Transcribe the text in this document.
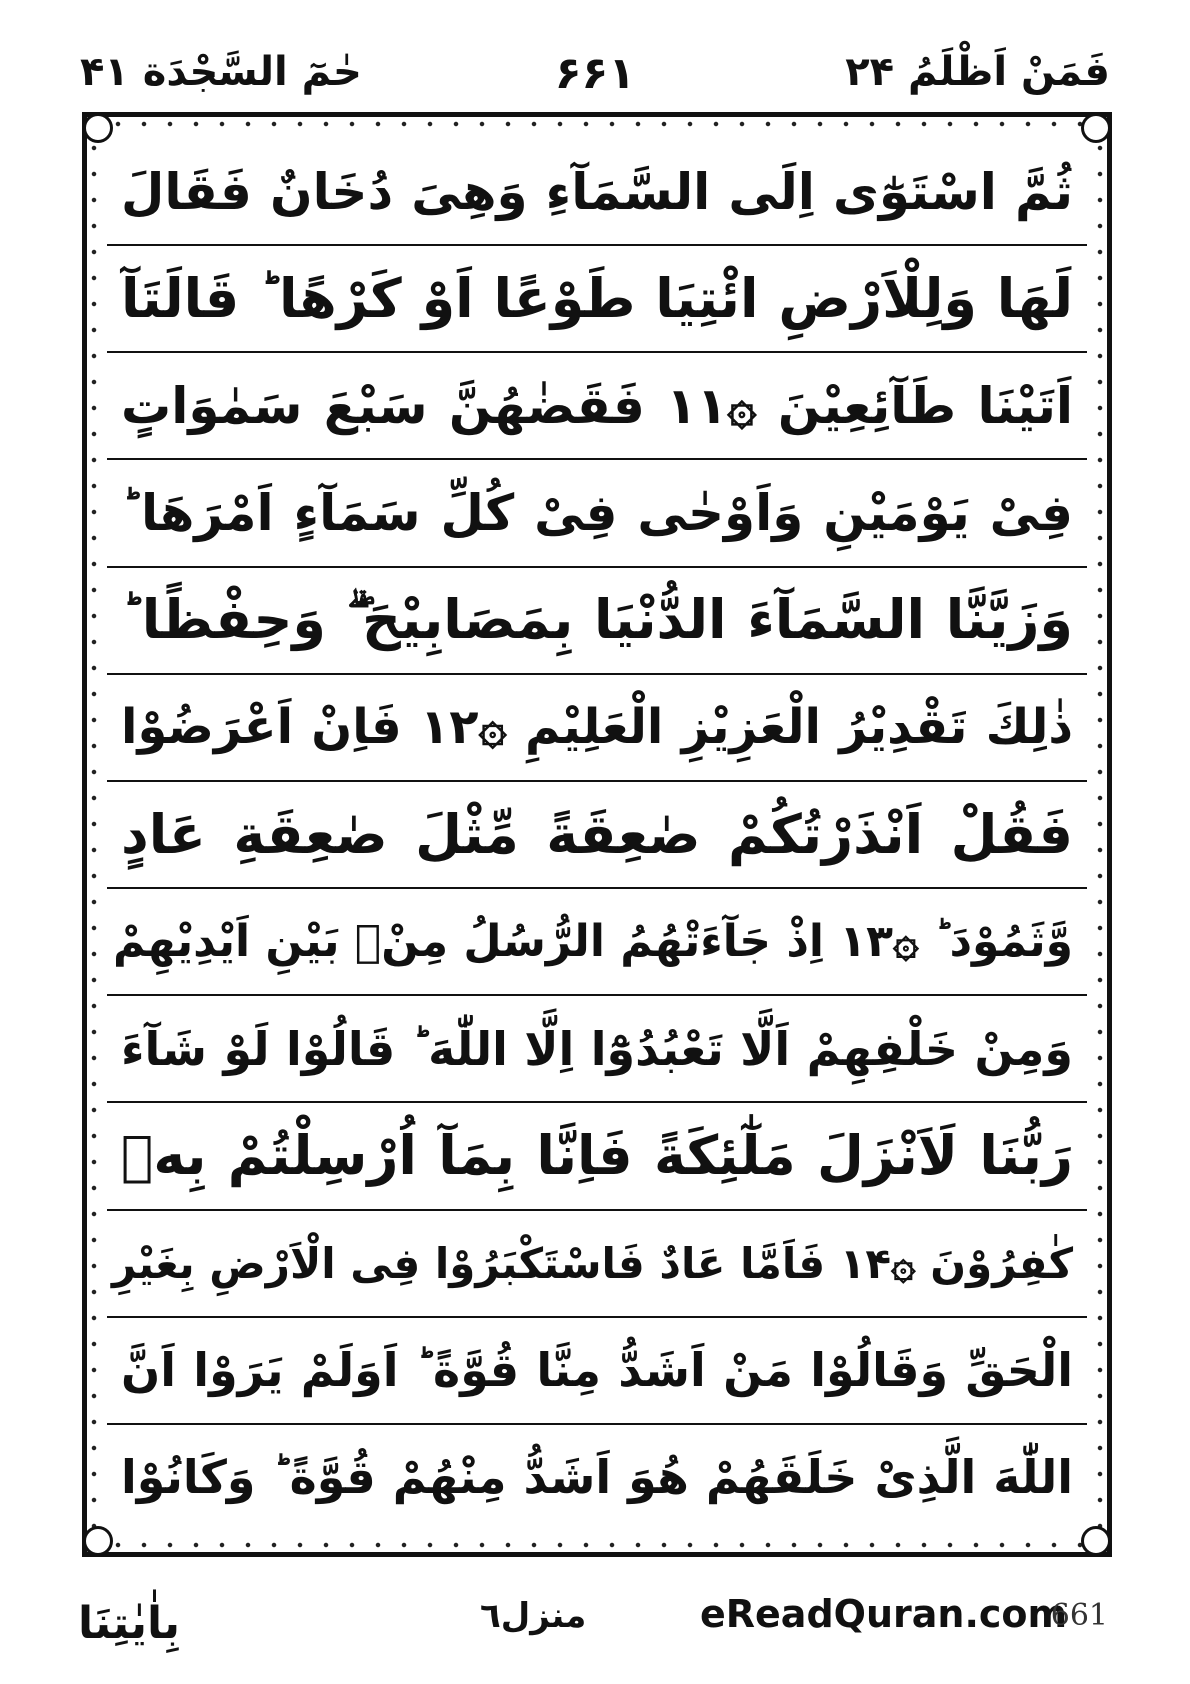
فَمَنْ اَظْلَمُ ٢۴
۶۶١
حٰمٓ السَّجْدَة ۴١
ثُمَّ اسْتَوٰٓى اِلَى السَّمَآءِ وَهِىَ دُخَانٌ فَقَالَ
لَهَا وَلِلْاَرْضِ ائْتِيَا طَوْعًا اَوْ كَرْهًا ؕ قَالَتَآ
اَتَيْنَا طَآئِعِيْنَ ۞١١ فَقَضٰهُنَّ سَبْعَ سَمٰوَاتٍ
فِىْ يَوْمَيْنِ وَاَوْحٰى فِىْ كُلِّ سَمَآءٍ اَمْرَهَا ؕ
وَزَيَّنَّا السَّمَآءَ الدُّنْيَا بِمَصَابِيْحَ ۖۗ وَحِفْظًا ؕ
ذٰلِكَ تَقْدِيْرُ الْعَزِيْزِ الْعَلِيْمِ ۞١٢ فَاِنْ اَعْرَضُوْا
فَقُلْ اَنْذَرْتُكُمْ صٰعِقَةً مِّثْلَ صٰعِقَةِ عَادٍ
وَّثَمُوْدَ ؕ ۞١٣ اِذْ جَآءَتْهُمُ الرُّسُلُ مِنْۢ بَيْنِ اَيْدِيْهِمْ
وَمِنْ خَلْفِهِمْ اَلَّا تَعْبُدُوْٓا اِلَّا اللّٰهَ ؕ قَالُوْا لَوْ شَآءَ
رَبُّنَا لَاَنْزَلَ مَلٰٓئِكَةً فَاِنَّا بِمَآ اُرْسِلْتُمْ بِهٖ
كٰفِرُوْنَ ۞١۴ فَاَمَّا عَادٌ فَاسْتَكْبَرُوْا فِى الْاَرْضِ بِغَيْرِ
الْحَقِّ وَقَالُوْا مَنْ اَشَدُّ مِنَّا قُوَّةً ؕ اَوَلَمْ يَرَوْا اَنَّ
اللّٰهَ الَّذِىْ خَلَقَهُمْ هُوَ اَشَدُّ مِنْهُمْ قُوَّةً ؕ وَكَانُوْا
بِاٰيٰتِنَا	منزل٦	eReadQuran.com
661
